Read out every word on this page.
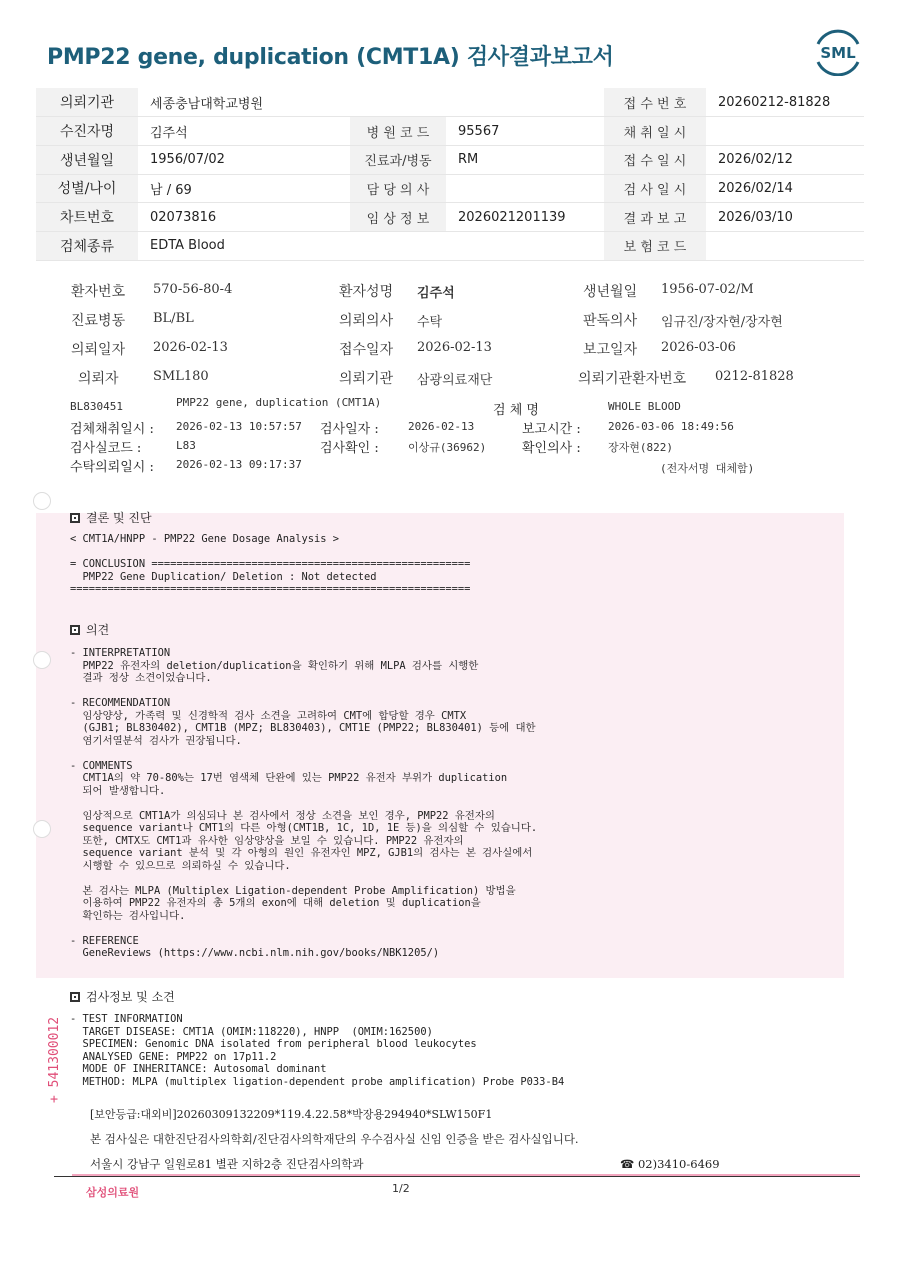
PMP22 gene, duplication (CMT1A) 검사결과보고서	SML
의뢰기관	세종충남대학교병원			접 수 번 호	20260212-81828
수진자명	김주석	병 원 코 드	95567	채 취 일 시	
생년월일	1956/07/02	진료과/병동	RM	접 수 일 시	2026/02/12
성별/나이	남 / 69	담 당 의 사		검 사 일 시	2026/02/14
차트번호	02073816	임 상 정 보	2026021201139	결 과 보 고	2026/03/10
검체종류	EDTA Blood			보 험 코 드	
환자번호 570-56-80-4	환자성명 김주석	생년월일 1956-07-02/M
진료병동 BL/BL	의뢰의사 수탁	판독의사 임규진/장자현/장자현
의뢰일자 2026-02-13	접수일자 2026-02-13	보고일자 2026-03-06
의뢰자	SML180	의뢰기관 삼광의료재단	의뢰기관환자번호 0212-81828
BL830451	PMP22 gene, duplication (CMT1A)
검 체 명	WHOLE BLOOD
검체채취일시 : 2026-02-13 10:57:57 검사일자 :	2026-02-13	보고시간 : 2026-03-06 18:49:56
검사실코드 :	L83	검사확인 :	이상규(36962)	확인의사 : 장자현(822)
수탁의뢰일시 : 2026-02-13 09:17:37	(전자서명 대체함)
결론 및 진단
< CMT1A/HNPP - PMP22 Gene Dosage Analysis >

= CONCLUSION ===================================================
PMP22 Gene Duplication/ Deletion : Not detected
================================================================
의견
- INTERPRETATION
PMP22 유전자의 deletion/duplication을 확인하기 위해 MLPA 검사를 시행한
결과 정상 소견이었습니다.

- RECOMMENDATION
임상양상, 가족력 및 신경학적 검사 소견을 고려하여 CMT에 합당할 경우 CMTX
(GJB1; BL830402), CMT1B (MPZ; BL830403), CMT1E (PMP22; BL830401) 등에 대한
염기서열분석 검사가 권장됩니다.

- COMMENTS
CMT1A의 약 70-80%는 17번 염색체 단완에 있는 PMP22 유전자 부위가 duplication
되어 발생합니다.

임상적으로 CMT1A가 의심되나 본 검사에서 정상 소견을 보인 경우, PMP22 유전자의
sequence variant나 CMT1의 다른 아형(CMT1B, 1C, 1D, 1E 등)을 의심할 수 있습니다.
또한, CMTX도 CMT1과 유사한 임상양상을 보일 수 있습니다. PMP22 유전자의
sequence variant 분석 및 각 아형의 원인 유전자인 MPZ, GJB1의 검사는 본 검사실에서
시행할 수 있으므로 의뢰하실 수 있습니다.

본 검사는 MLPA (Multiplex Ligation-dependent Probe Amplification) 방법을
이용하여 PMP22 유전자의 총 5개의 exon에 대해 deletion 및 duplication을
확인하는 검사입니다.

- REFERENCE
GeneReviews (https://www.ncbi.nlm.nih.gov/books/NBK1205/)
검사정보 및 소견
- TEST INFORMATION
TARGET DISEASE: CMT1A (OMIM:118220), HNPP  (OMIM:162500)
SPECIMEN: Genomic DNA isolated from peripheral blood leukocytes
ANALYSED GENE: PMP22 on 17p11.2
MODE OF INHERITANCE: Autosomal dominant
METHOD: MLPA (multiplex ligation-dependent probe amplification) Probe P033-B4
+ 541300012
[보안등급:대외비]20260309132209*119.4.22.58*박장용294940*SLW150F1
본 검사실은 대한진단검사의학회/진단검사의학재단의 우수검사실 신임 인증을 받은 검사실입니다.
서울시 강남구 일원로81 별관 지하2층 진단검사의학과	☎ 02)3410-6469
삼성의료원	1/2
